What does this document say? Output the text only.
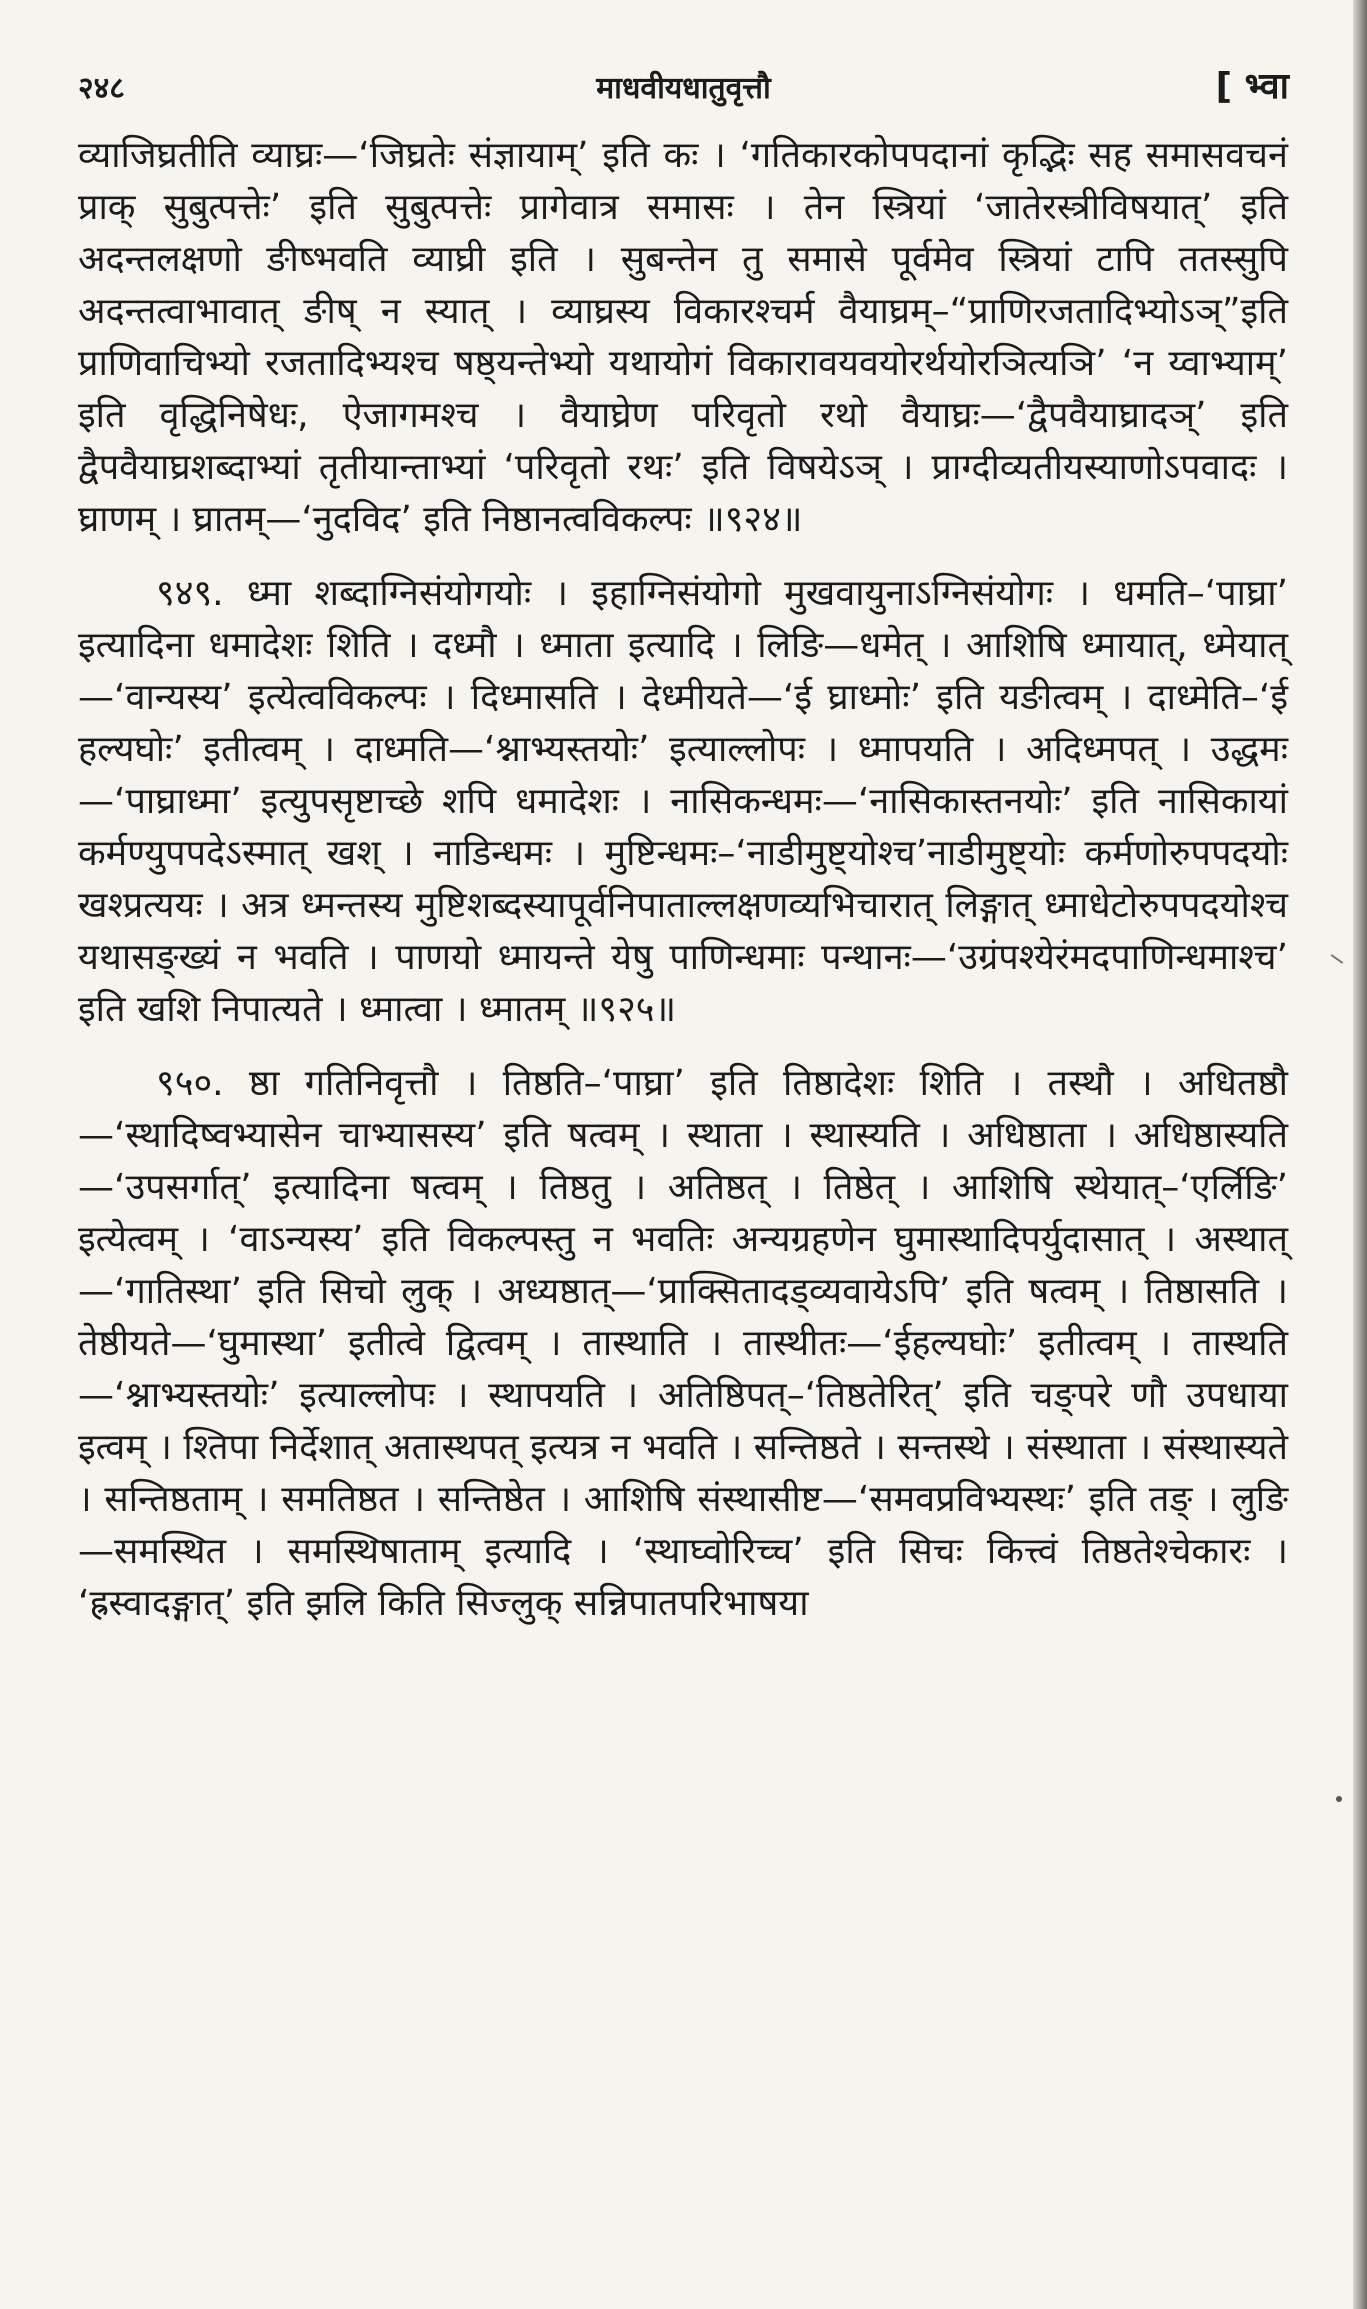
२४८	माधवीयधातुवृत्तौ	[ भ्वा

व्याजिघ्रतीति व्याघ्रः—‘जिघ्रतेः संज्ञायाम्’ इति कः । ‘गतिकारकोपपदानां कृद्भिः सह समासवचनं प्राक् सुबुत्पत्तेः’ इति सुबुत्पत्तेः प्रागेवात्र समासः । तेन स्त्रियां ‘जातेरस्त्रीविषयात्’ इति अदन्तलक्षणो ङीष्भवति व्याघ्री इति । सुबन्तेन तु समासे पूर्वमेव स्त्रियां टापि ततस्सुपि अदन्तत्वाभावात् ङीष् न स्यात् । व्याघ्रस्य विकारश्चर्म वैयाघ्रम्–“प्राणिरजतादिभ्योऽञ्”इति प्राणिवाचिभ्यो रजतादिभ्यश्च षष्ठ्यन्तेभ्यो यथायोगं विकारावयवयोरर्थयोरञित्यञि’ ‘न य्वाभ्याम्’ इति वृद्धिनिषेधः, ऐजागमश्च । वैयाघ्रेण परिवृतो रथो वैयाघ्रः—‘द्वैपवैयाघ्रादञ्’ इति द्वैपवैयाघ्रशब्दाभ्यां तृतीयान्ताभ्यां ‘परिवृतो रथः’ इति विषयेऽञ् । प्राग्दीव्यतीयस्याणोऽपवादः । घ्राणम् । घ्रातम्—‘नुदविद’ इति निष्ठानत्वविकल्पः ॥९२४॥

९४९. ध्मा शब्दाग्निसंयोगयोः । इहाग्निसंयोगो मुखवायुनाऽग्निसंयोगः । धमति–‘पाघ्रा’ इत्यादिना धमादेशः शिति । दध्मौ । ध्माता इत्यादि । लिङि—धमेत् । आशिषि ध्मायात्, ध्मेयात्—‘वान्यस्य’ इत्येत्वविकल्पः । दिध्मासति । देध्मीयते—‘ई घ्राध्मोः’ इति यङीत्वम् । दाध्मेति–‘ई हल्यघोः’ इतीत्वम् । दाध्मति—‘श्नाभ्यस्तयोः’ इत्याल्लोपः । ध्मापयति । अदिध्मपत् । उद्धमः—‘पाघ्राध्मा’ इत्युपसृष्टाच्छे शपि धमादेशः । नासिकन्धमः—‘नासिकास्तनयोः’ इति नासिकायां कर्मण्युपपदेऽस्मात् खश् । नाडिन्धमः । मुष्टिन्धमः–‘नाडीमुष्ट्योश्च’नाडीमुष्ट्योः कर्मणोरुपपदयोः खश्प्रत्ययः । अत्र ध्मन्तस्य मुष्टिशब्दस्यापूर्वनिपाताल्लक्षणव्यभिचारात् लिङ्गात् ध्माधेटोरुपपदयोश्च यथासङ्ख्यं न भवति । पाणयो ध्मायन्ते येषु पाणिन्धमाः पन्थानः—‘उग्रंपश्येरंमदपाणिन्धमाश्च’ इति खशि निपात्यते । ध्मात्वा । ध्मातम् ॥९२५॥

९५०. ष्ठा गतिनिवृत्तौ । तिष्ठति–‘पाघ्रा’ इति तिष्ठादेशः शिति । तस्थौ । अधितष्ठौ—‘स्थादिष्वभ्यासेन चाभ्यासस्य’ इति षत्वम् । स्थाता । स्थास्यति । अधिष्ठाता । अधिष्ठास्यति—‘उपसर्गात्’ इत्यादिना षत्वम् । तिष्ठतु । अतिष्ठत् । तिष्ठेत् । आशिषि स्थेयात्–‘एर्लिङि’ इत्येत्वम् । ‘वाऽन्यस्य’ इति विकल्पस्तु न भवतिः अन्यग्रहणेन घुमास्थादिपर्युदासात् । अस्थात्—‘गातिस्था’ इति सिचो लुक् । अध्यष्ठात्—‘प्राक्सितादड्व्यवायेऽपि’ इति षत्वम् । तिष्ठासति । तेष्ठीयते—‘घुमास्था’ इतीत्वे द्वित्वम् । तास्थाति । तास्थीतः—‘ईहल्यघोः’ इतीत्वम् । तास्थति—‘श्नाभ्यस्तयोः’ इत्याल्लोपः । स्थापयति । अतिष्ठिपत्–‘तिष्ठतेरित्’ इति चङ्परे णौ उपधाया इत्वम् । श्तिपा निर्देशात् अतास्थपत् इत्यत्र न भवति । सन्तिष्ठते । सन्तस्थे । संस्थाता । संस्थास्यते । सन्तिष्ठताम् । समतिष्ठत । सन्तिष्ठेत । आशिषि संस्थासीष्ट—‘समवप्रविभ्यस्थः’ इति तङ् । लुङि—समस्थित । समस्थिषाताम् इत्यादि । ‘स्थाघ्वोरिच्च’ इति सिचः कित्त्वं तिष्ठतेश्चेकारः । ‘ह्रस्वादङ्गात्’ इति झलि किति सिज्लुक् सन्निपातपरिभाषया
